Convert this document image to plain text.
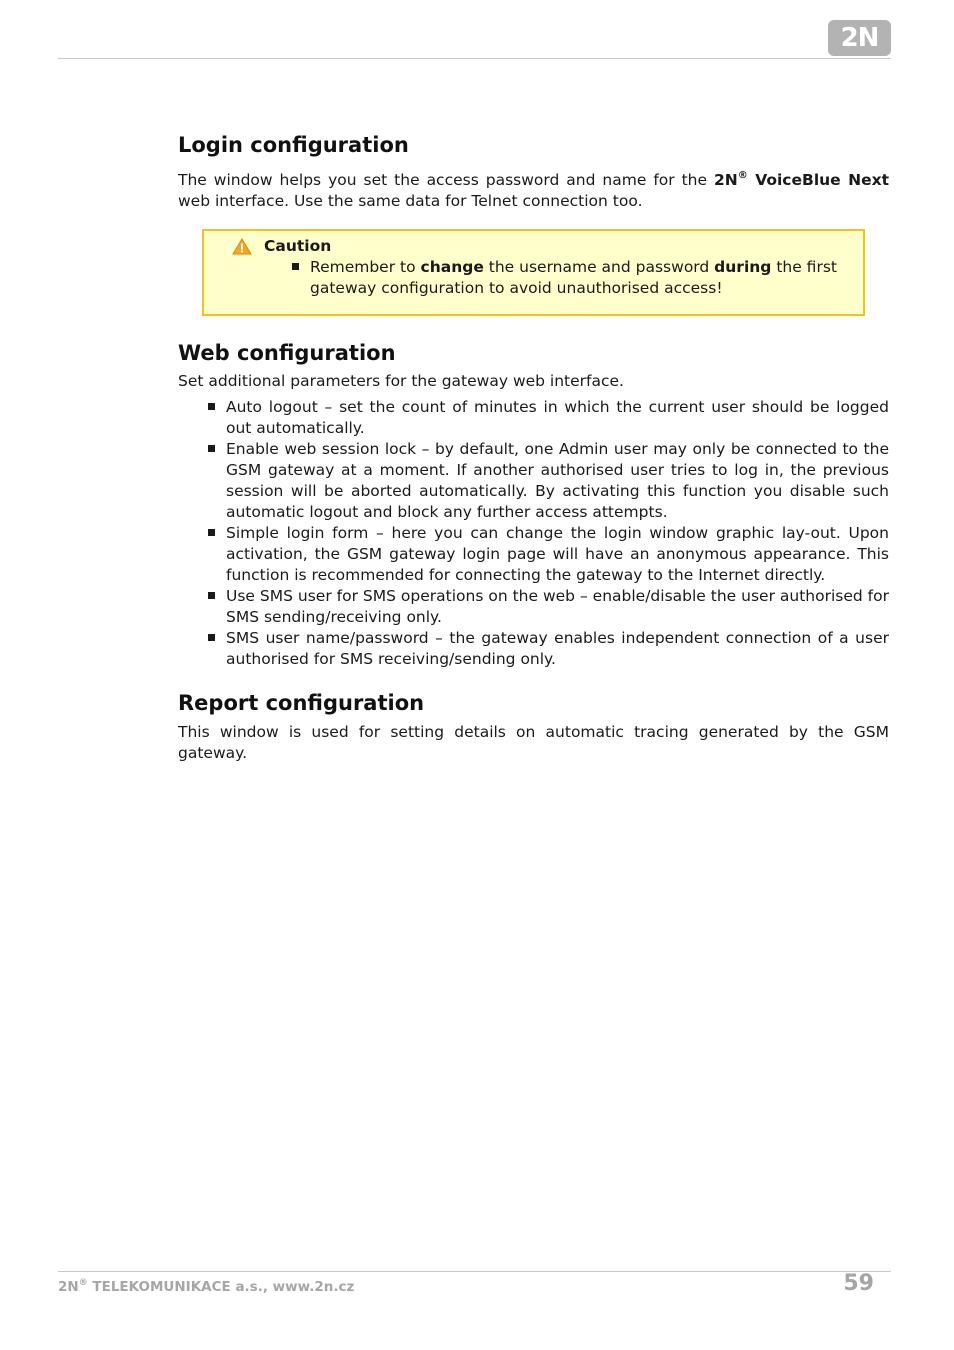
2N
Login configuration

The window helps you set the access password and name for the 2N® VoiceBlue Next web interface. Use the same data for Telnet connection too.

Caution
Remember to change the username and password during the first gateway configuration to avoid unauthorised access!
Web configuration

Set additional parameters for the gateway web interface.

Auto logout – set the count of minutes in which the current user should be logged out automatically.
Enable web session lock – by default, one Admin user may only be connected to the GSM gateway at a moment. If another authorised user tries to log in, the previous session will be aborted automatically. By activating this function you disable such automatic logout and block any further access attempts.
Simple login form – here you can change the login window graphic lay-out. Upon activation, the GSM gateway login page will have an anonymous appearance. This function is recommended for connecting the gateway to the Internet directly.
Use SMS user for SMS operations on the web – enable/disable the user authorised for SMS sending/receiving only.
SMS user name/password – the gateway enables independent connection of a user authorised for SMS receiving/sending only.
Report configuration

This window is used for setting details on automatic tracing generated by the GSM gateway.

2N® TELEKOMUNIKACE a.s., www.2n.cz	59
